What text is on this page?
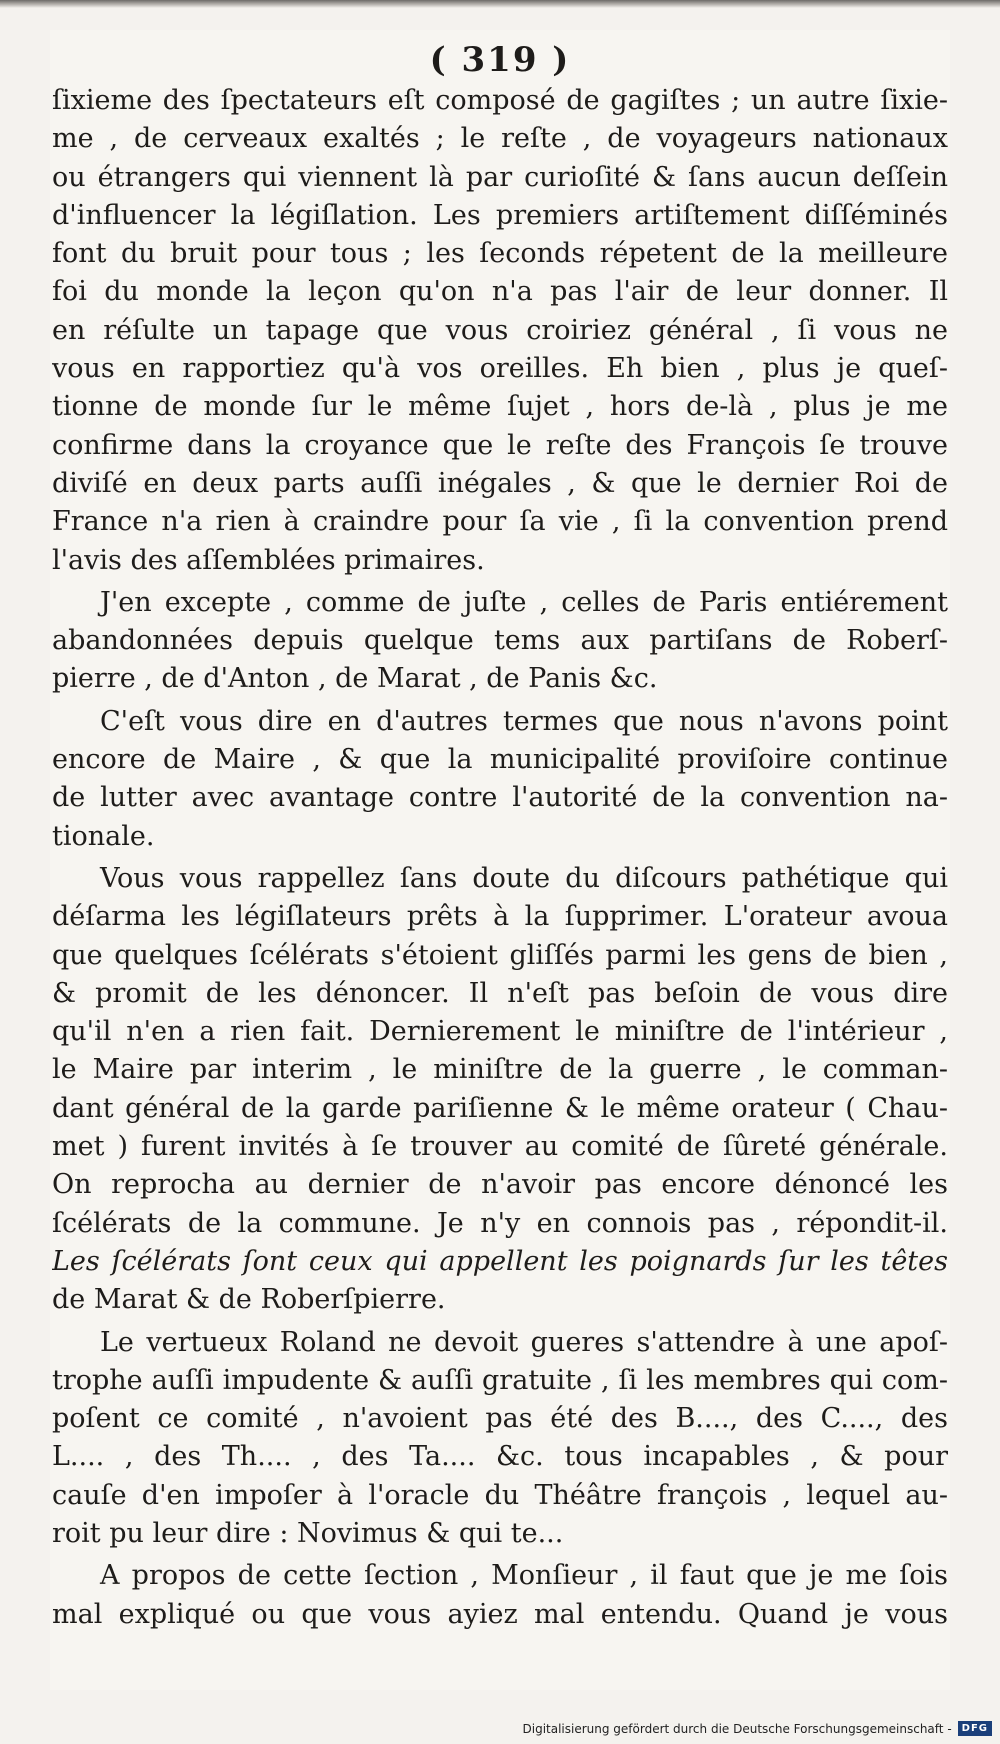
( 319 )
ſixieme des ſpectateurs eſt composé de gagiſtes ; un autre ſixie-
me , de cerveaux exaltés ; le reſte , de voyageurs nationaux
ou étrangers qui viennent là par curioſité & ſans aucun deſſein
d'influencer la légiſlation. Les premiers artiſtement diſſéminés
font du bruit pour tous ; les ſeconds répetent de la meilleure
foi du monde la leçon qu'on n'a pas l'air de leur donner. Il
en réſulte un tapage que vous croiriez général , ſi vous ne
vous en rapportiez qu'à vos oreilles. Eh bien , plus je queſ-
tionne de monde ſur le même ſujet , hors de-là , plus je me
confirme dans la croyance que le reſte des François ſe trouve
diviſé en deux parts auſſi inégales , & que le dernier Roi de
France n'a rien à craindre pour ſa vie , ſi la convention prend
l'avis des aſſemblées primaires.
J'en excepte , comme de juſte , celles de Paris entiérement
abandonnées depuis quelque tems aux partiſans de Roberſ-
pierre , de d'Anton , de Marat , de Panis &c.
C'eſt vous dire en d'autres termes que nous n'avons point
encore de Maire , & que la municipalité proviſoire continue
de lutter avec avantage contre l'autorité de la convention na-
tionale.
Vous vous rappellez ſans doute du diſcours pathétique qui
déſarma les légiſlateurs prêts à la ſupprimer. L'orateur avoua
que quelques ſcélérats s'étoient gliſſés parmi les gens de bien ,
& promit de les dénoncer. Il n'eſt pas beſoin de vous dire
qu'il n'en a rien fait. Dernierement le miniſtre de l'intérieur ,
le Maire par interim , le miniſtre de la guerre , le comman-
dant général de la garde pariſienne & le même orateur ( Chau-
met ) furent invités à ſe trouver au comité de ſûreté générale.
On reprocha au dernier de n'avoir pas encore dénoncé les
ſcélérats de la commune. Je n'y en connois pas , répondit-il.
Les ſcélérats ſont ceux qui appellent les poignards ſur les têtes
de Marat & de Roberſpierre.
Le vertueux Roland ne devoit gueres s'attendre à une apoſ-
trophe auſſi impudente & auſſi gratuite , ſi les membres qui com-
poſent ce comité , n'avoient pas été des B...., des C...., des
L.... , des Th.... , des Ta.... &c. tous incapables , & pour
cauſe d'en impoſer à l'oracle du Théâtre françois , lequel au-
roit pu leur dire : Novimus & qui te...
A propos de cette ſection , Monſieur , il faut que je me ſois
mal expliqué ou que vous ayiez mal entendu. Quand je vous
Digitalisierung gefördert durch die Deutsche Forschungsgemeinschaft -	DFG
